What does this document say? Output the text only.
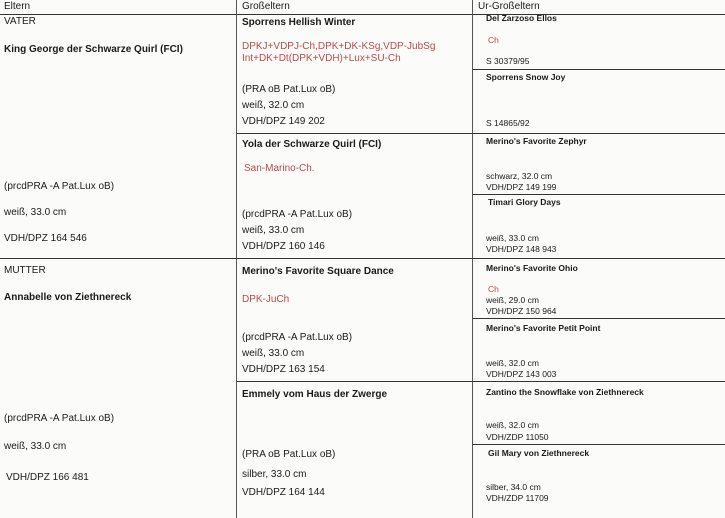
Eltern	Großeltern	Ur-Großeltern
VATER
King George der Schwarze Quirl (FCI)
(prcdPRA -A Pat.Lux oB)
weiß, 33.0 cm
VDH/DPZ 164 546
MUTTER
Annabelle von Ziethnereck
(prcdPRA -A Pat.Lux oB)
weiß, 33.0 cm
VDH/DPZ 166 481
Sporrens Hellish Winter
DPKJ+VDPJ-Ch,DPK+DK-KSg,VDP-JubSg
Int+DK+Dt(DPK+VDH)+Lux+SU-Ch
(PRA oB Pat.Lux oB)
weiß, 32.0 cm
VDH/DPZ 149 202
Yola der Schwarze Quirl (FCI)
San-Marino-Ch.
(prcdPRA -A Pat.Lux oB)
weiß, 33.0 cm
VDH/DPZ 160 146
Merino's Favorite Square Dance
DPK-JuCh
(prcdPRA -A Pat.Lux oB)
weiß, 33.0 cm
VDH/DPZ 163 154
Emmely vom Haus der Zwerge
(PRA oB Pat.Lux oB)
silber, 33.0 cm
VDH/DPZ 164 144
Del Zarzoso Ellos
Ch
S 30379/95
Sporrens Snow Joy
S 14865/92
Merino's Favorite Zephyr
schwarz, 32.0 cm
VDH/DPZ 149 199
Timari Glory Days
weiß, 33.0 cm
VDH/DPZ 148 943
Merino's Favorite Ohio
Ch
weiß, 29.0 cm
VDH/DPZ 150 964
Merino's Favorite Petit Point
weiß, 32.0 cm
VDH/DPZ 143 003
Zantino the Snowflake von Ziethnereck
weiß, 32.0 cm
VDH/ZDP 11050
Gil Mary von Ziethnereck
silber, 34.0 cm
VDH/ZDP 11709
